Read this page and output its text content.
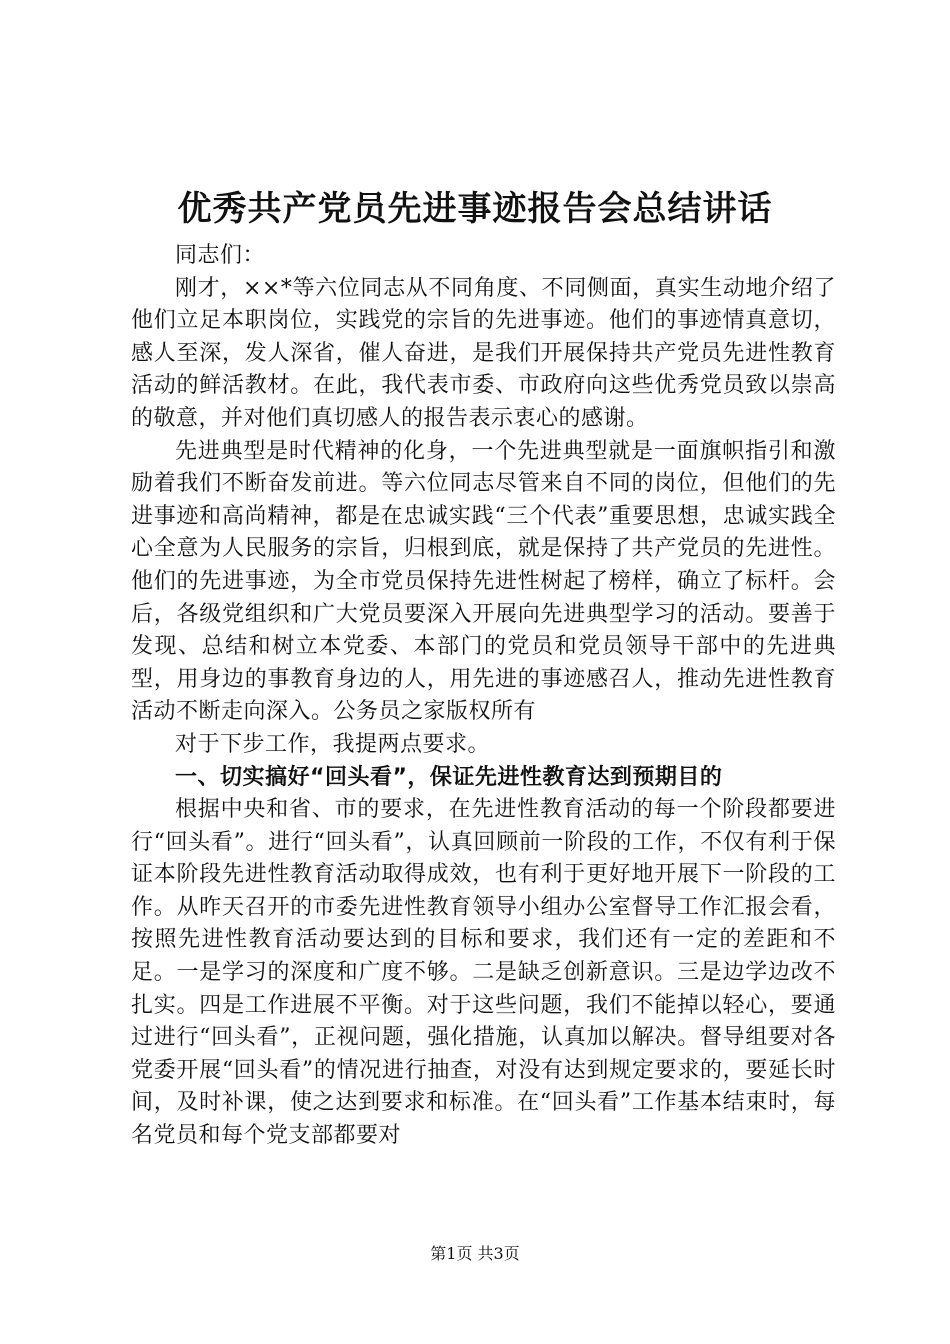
优秀共产党员先进事迹报告会总结讲话

同志们：

刚才，××*等六位同志从不同角度、不同侧面，真实生动地介绍了他们立足本职岗位，实践党的宗旨的先进事迹。他们的事迹情真意切，感人至深，发人深省，催人奋进，是我们开展保持共产党员先进性教育活动的鲜活教材。在此，我代表市委、市政府向这些优秀党员致以崇高的敬意，并对他们真切感人的报告表示衷心的感谢。

先进典型是时代精神的化身，一个先进典型就是一面旗帜指引和激励着我们不断奋发前进。等六位同志尽管来自不同的岗位，但他们的先进事迹和高尚精神，都是在忠诚实践“三个代表”重要思想，忠诚实践全心全意为人民服务的宗旨，归根到底，就是保持了共产党员的先进性。他们的先进事迹，为全市党员保持先进性树起了榜样，确立了标杆。会后，各级党组织和广大党员要深入开展向先进典型学习的活动。要善于发现、总结和树立本党委、本部门的党员和党员领导干部中的先进典型，用身边的事教育身边的人，用先进的事迹感召人，推动先进性教育活动不断走向深入。公务员之家版权所有

对于下步工作，我提两点要求。

一、切实搞好“回头看”，保证先进性教育达到预期目的

根据中央和省、市的要求，在先进性教育活动的每一个阶段都要进行“回头看”。进行“回头看”，认真回顾前一阶段的工作，不仅有利于保证本阶段先进性教育活动取得成效，也有利于更好地开展下一阶段的工作。从昨天召开的市委先进性教育领导小组办公室督导工作汇报会看，按照先进性教育活动要达到的目标和要求，我们还有一定的差距和不足。一是学习的深度和广度不够。二是缺乏创新意识。三是边学边改不扎实。四是工作进展不平衡。对于这些问题，我们不能掉以轻心，要通过进行“回头看”，正视问题，强化措施，认真加以解决。督导组要对各党委开展“回头看”的情况进行抽查，对没有达到规定要求的，要延长时间，及时补课，使之达到要求和标准。在“回头看”工作基本结束时，每名党员和每个党支部都要对

第1页 共3页
